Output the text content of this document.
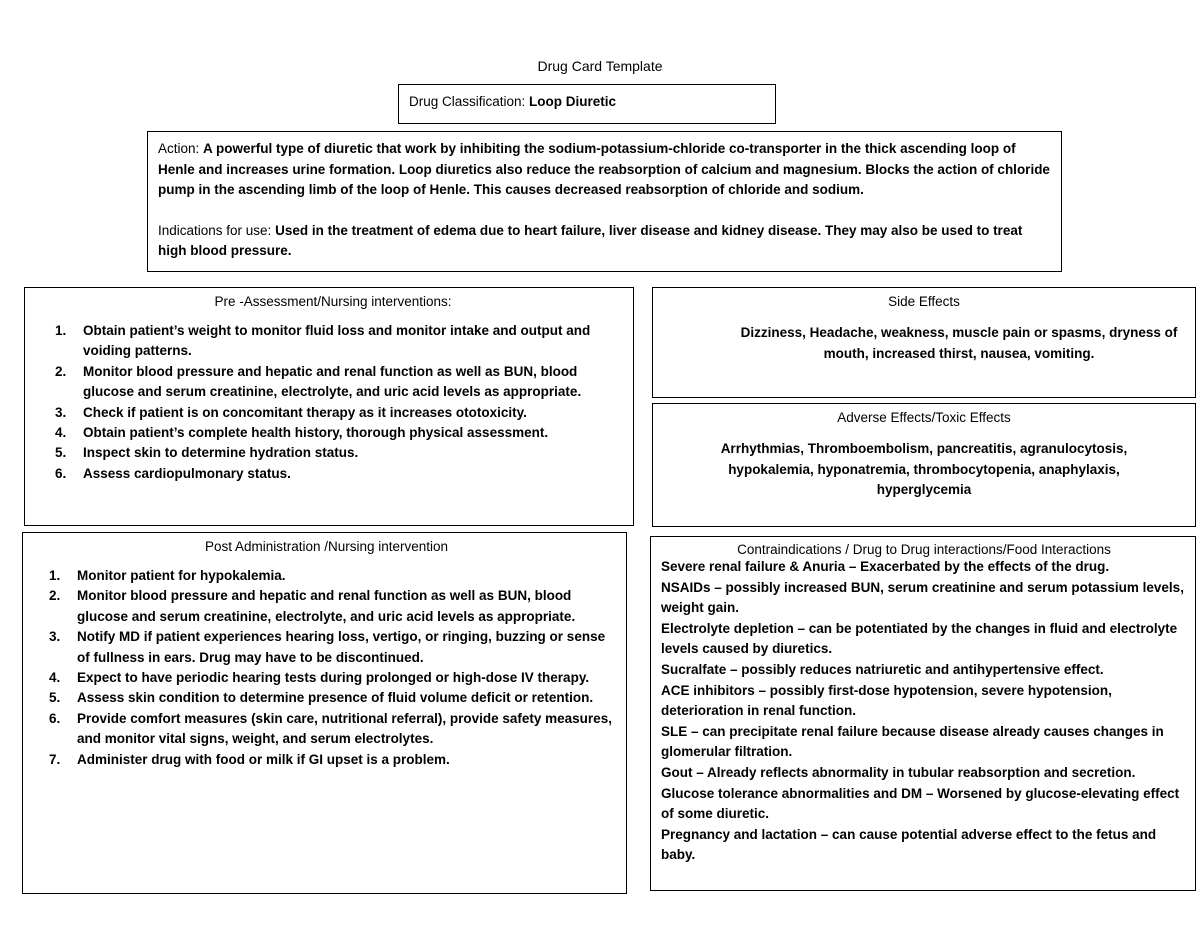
Drug Card Template
Drug Classification: Loop Diuretic

Action: A powerful type of diuretic that work by inhibiting the sodium-potassium-chloride co-transporter in the thick ascending loop of Henle and increases urine formation. Loop diuretics also reduce the reabsorption of calcium and magnesium. Blocks the action of chloride pump in the ascending limb of the loop of Henle. This causes decreased reabsorption of chloride and sodium.

Indications for use: Used in the treatment of edema due to heart failure, liver disease and kidney disease. They may also be used to treat high blood pressure.

Pre -Assessment/Nursing interventions:
1. Obtain patient’s weight to monitor fluid loss and monitor intake and output and voiding patterns.
2. Monitor blood pressure and hepatic and renal function as well as BUN, blood glucose and serum creatinine, electrolyte, and uric acid levels as appropriate.
3. Check if patient is on concomitant therapy as it increases ototoxicity.
4. Obtain patient’s complete health history, thorough physical assessment.
5. Inspect skin to determine hydration status.
6. Assess cardiopulmonary status.
Side Effects

Dizziness, Headache, weakness, muscle pain or spasms, dryness of mouth, increased thirst, nausea, vomiting.

Adverse Effects/Toxic Effects

Arrhythmias, Thromboembolism, pancreatitis, agranulocytosis, hypokalemia, hyponatremia, thrombocytopenia, anaphylaxis, hyperglycemia

Post Administration /Nursing intervention
1. Monitor patient for hypokalemia.
2. Monitor blood pressure and hepatic and renal function as well as BUN, blood glucose and serum creatinine, electrolyte, and uric acid levels as appropriate.
3. Notify MD if patient experiences hearing loss, vertigo, or ringing, buzzing or sense of fullness in ears. Drug may have to be discontinued.
4. Expect to have periodic hearing tests during prolonged or high-dose IV therapy.
5. Assess skin condition to determine presence of fluid volume deficit or retention.
6. Provide comfort measures (skin care, nutritional referral), provide safety measures, and monitor vital signs, weight, and serum electrolytes.
7. Administer drug with food or milk if GI upset is a problem.
Contraindications / Drug to Drug interactions/Food Interactions

Severe renal failure & Anuria – Exacerbated by the effects of the drug.

NSAIDs – possibly increased BUN, serum creatinine and serum potassium levels, weight gain.

Electrolyte depletion – can be potentiated by the changes in fluid and electrolyte levels caused by diuretics.

Sucralfate – possibly reduces natriuretic and antihypertensive effect.

ACE inhibitors – possibly first-dose hypotension, severe hypotension, deterioration in renal function.

SLE – can precipitate renal failure because disease already causes changes in glomerular filtration.

Gout – Already reflects abnormality in tubular reabsorption and secretion.

Glucose tolerance abnormalities and DM – Worsened by glucose-elevating effect of some diuretic.

Pregnancy and lactation – can cause potential adverse effect to the fetus and baby.
